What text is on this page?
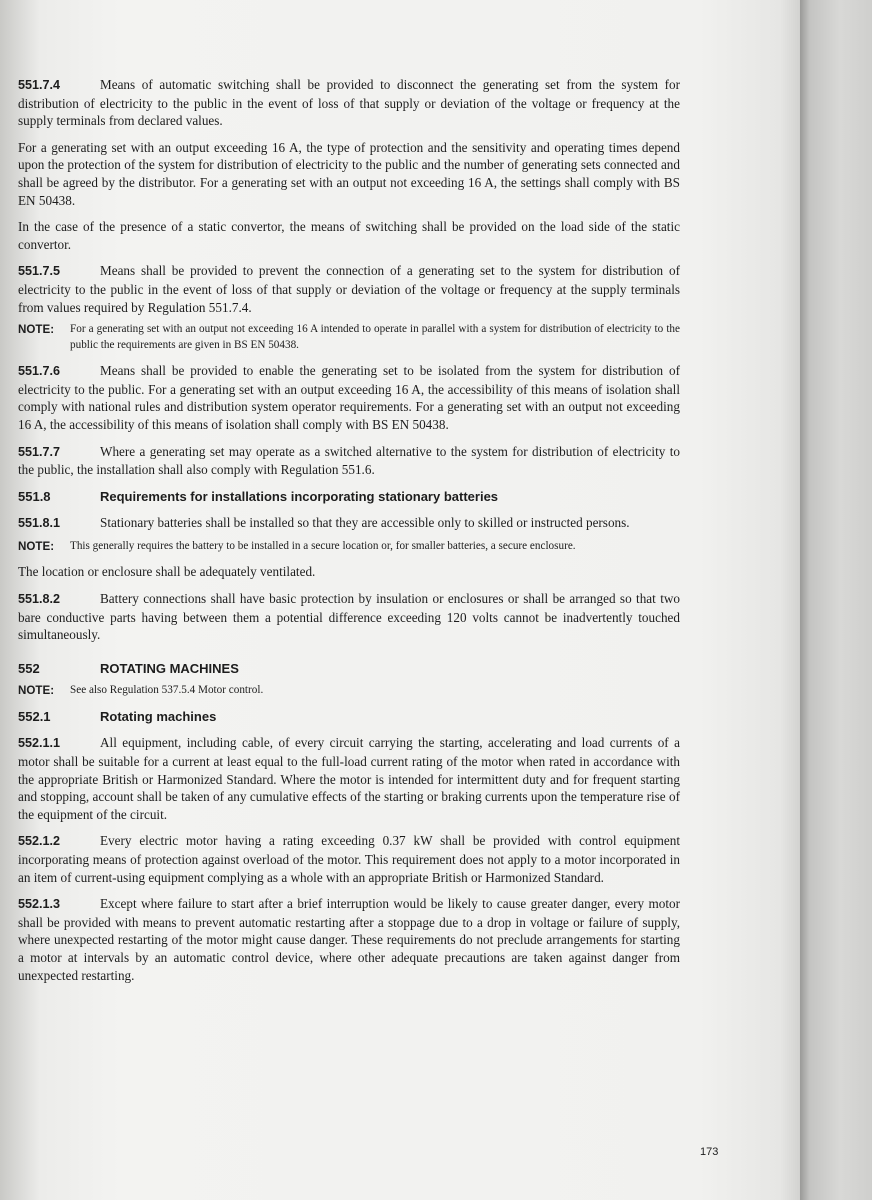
551.7.4	Means of automatic switching shall be provided to disconnect the generating set from the system for distribution of electricity to the public in the event of loss of that supply or deviation of the voltage or frequency at the supply terminals from declared values.

For a generating set with an output exceeding 16 A, the type of protection and the sensitivity and operating times depend upon the protection of the system for distribution of electricity to the public and the number of generating sets connected and shall be agreed by the distributor. For a generating set with an output not exceeding 16 A, the settings shall comply with BS EN 50438.

In the case of the presence of a static convertor, the means of switching shall be provided on the load side of the static convertor.

551.7.5	Means shall be provided to prevent the connection of a generating set to the system for distribution of electricity to the public in the event of loss of that supply or deviation of the voltage or frequency at the supply terminals from values required by Regulation 551.7.4.

NOTE:	For a generating set with an output not exceeding 16 A intended to operate in parallel with a system for distribution of electricity to the public the requirements are given in BS EN 50438.

551.7.6	Means shall be provided to enable the generating set to be isolated from the system for distribution of electricity to the public. For a generating set with an output exceeding 16 A, the accessibility of this means of isolation shall comply with national rules and distribution system operator requirements. For a generating set with an output not exceeding 16 A, the accessibility of this means of isolation shall comply with BS EN 50438.

551.7.7	Where a generating set may operate as a switched alternative to the system for distribution of electricity to the public, the installation shall also comply with Regulation 551.6.

551.8	Requirements for installations incorporating stationary batteries

551.8.1	Stationary batteries shall be installed so that they are accessible only to skilled or instructed persons.

NOTE:	This generally requires the battery to be installed in a secure location or, for smaller batteries, a secure enclosure.

The location or enclosure shall be adequately ventilated.

551.8.2	Battery connections shall have basic protection by insulation or enclosures or shall be arranged so that two bare conductive parts having between them a potential difference exceeding 120 volts cannot be inadvertently touched simultaneously.

552	ROTATING MACHINES
NOTE:	See also Regulation 537.5.4 Motor control.
552.1	Rotating machines

552.1.1	All equipment, including cable, of every circuit carrying the starting, accelerating and load currents of a motor shall be suitable for a current at least equal to the full-load current rating of the motor when rated in accordance with the appropriate British or Harmonized Standard. Where the motor is intended for intermittent duty and for frequent starting and stopping, account shall be taken of any cumulative effects of the starting or braking currents upon the temperature rise of the equipment of the circuit.

552.1.2	Every electric motor having a rating exceeding 0.37 kW shall be provided with control equipment incorporating means of protection against overload of the motor. This requirement does not apply to a motor incorporated in an item of current-using equipment complying as a whole with an appropriate British or Harmonized Standard.

552.1.3	Except where failure to start after a brief interruption would be likely to cause greater danger, every motor shall be provided with means to prevent automatic restarting after a stoppage due to a drop in voltage or failure of supply, where unexpected restarting of the motor might cause danger. These requirements do not preclude arrangements for starting a motor at intervals by an automatic control device, where other adequate precautions are taken against danger from unexpected restarting.

173
